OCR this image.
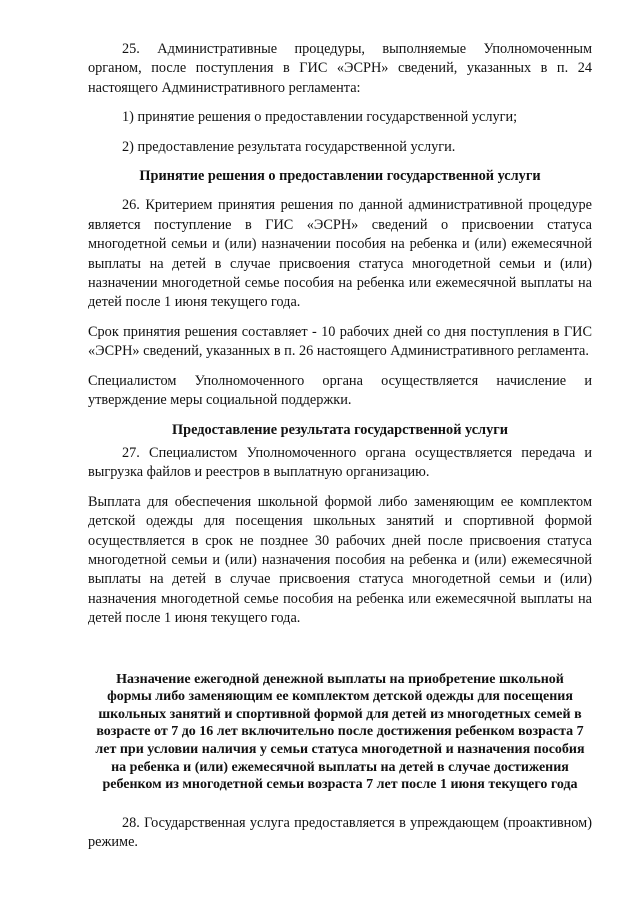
25. Административные процедуры, выполняемые Уполномоченным органом, после поступления в ГИС «ЭСРН» сведений, указанных в п. 24 настоящего Административного регламента:

1) принятие решения о предоставлении государственной услуги;

2) предоставление результата государственной услуги.

Принятие решения о предоставлении государственной услуги

26. Критерием принятия решения по данной административной процедуре является поступление в ГИС «ЭСРН» сведений о присвоении статуса многодетной семьи и (или) назначении пособия на ребенка и (или) ежемесячной выплаты на детей в случае присвоения статуса многодетной семьи и (или) назначении многодетной семье пособия на ребенка или ежемесячной выплаты на детей после 1 июня текущего года.

Срок принятия решения составляет - 10 рабочих дней со дня поступления в ГИС «ЭСРН» сведений, указанных в п. 26 настоящего Административного регламента.

Специалистом Уполномоченного органа осуществляется начисление и утверждение меры социальной поддержки.

Предоставление результата государственной услуги

27. Специалистом Уполномоченного органа осуществляется передача и выгрузка файлов и реестров в выплатную организацию.

Выплата для обеспечения школьной формой либо заменяющим ее комплектом детской одежды для посещения школьных занятий и спортивной формой осуществляется в срок не позднее 30 рабочих дней после присвоения статуса многодетной семьи и (или) назначения пособия на ребенка и (или) ежемесячной выплаты на детей в случае присвоения статуса многодетной семьи и (или) назначения многодетной семье пособия на ребенка или ежемесячной выплаты на детей после 1 июня текущего года.

Назначение ежегодной денежной выплаты на приобретение школьной формы либо заменяющим ее комплектом детской одежды для посещения школьных занятий и спортивной формой для детей из многодетных семей в возрасте от 7 до 16 лет включительно после достижения ребенком возраста 7 лет при условии наличия у семьи статуса многодетной и назначения пособия на ребенка и (или) ежемесячной выплаты на детей в случае достижения ребенком из многодетной семьи возраста 7 лет после 1 июня текущего года

28. Государственная услуга предоставляется в упреждающем (проактивном) режиме.
